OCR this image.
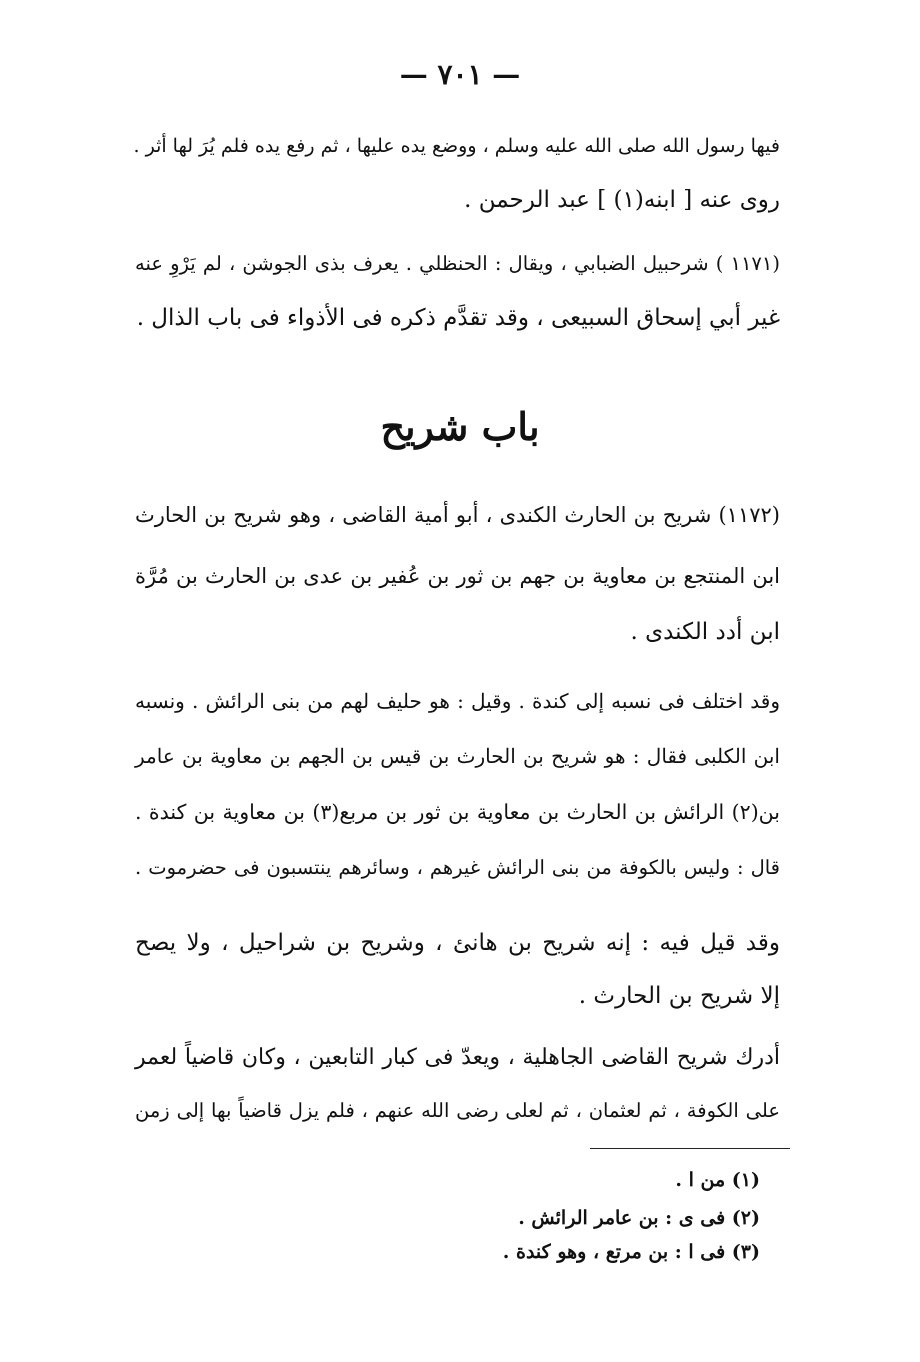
— ٧٠١ —
فيها رسول الله صلى الله عليه وسلم ، ووضع يده عليها ، ثم رفع يده فلم يُرَ لها أثر .
روى عنه [ ابنه(١) ] عبد الرحمن .
(١١٧١ ) شرحبيل الضبابي ، ويقال : الحنظلي . يعرف بذى الجوشن ، لم يَرْوِ عنه
غير أبي إسحاق السبيعى ، وقد تقدَّم ذكره فى الأذواء فى باب الذال .
باب شريح
(١١٧٢) شريح بن الحارث الكندى ، أبو أمية القاضى ، وهو شريح بن الحارث
ابن المنتجع بن معاوية بن جهم بن ثور بن عُفير بن عدى بن الحارث بن مُرَّة
ابن أدد الكندى .
وقد اختلف فى نسبه إلى كندة . وقيل : هو حليف لهم من بنى الرائش . ونسبه
ابن الكلبى فقال : هو شريح بن الحارث بن قيس بن الجهم بن معاوية بن عامر
بن(٢) الرائش بن الحارث بن معاوية بن ثور بن مربع(٣) بن معاوية بن كندة .
قال : وليس بالكوفة من بنى الرائش غيرهم ، وسائرهم ينتسبون فى حضرموت .
وقد قيل فيه : إنه شريح بن هانئ ، وشريح بن شراحيل ، ولا يصح
إلا شريح بن الحارث .
أدرك شريح القاضى الجاهلية ، ويعدّ فى كبار التابعين ، وكان قاضياً لعمر
على الكوفة ، ثم لعثمان ، ثم لعلى رضى الله عنهم ، فلم يزل قاضياً بها إلى زمن
(١) من ا .
(٢) فى ى : بن عامر الرائش .
(٣) فى ا : بن مرتع ، وهو كندة .
